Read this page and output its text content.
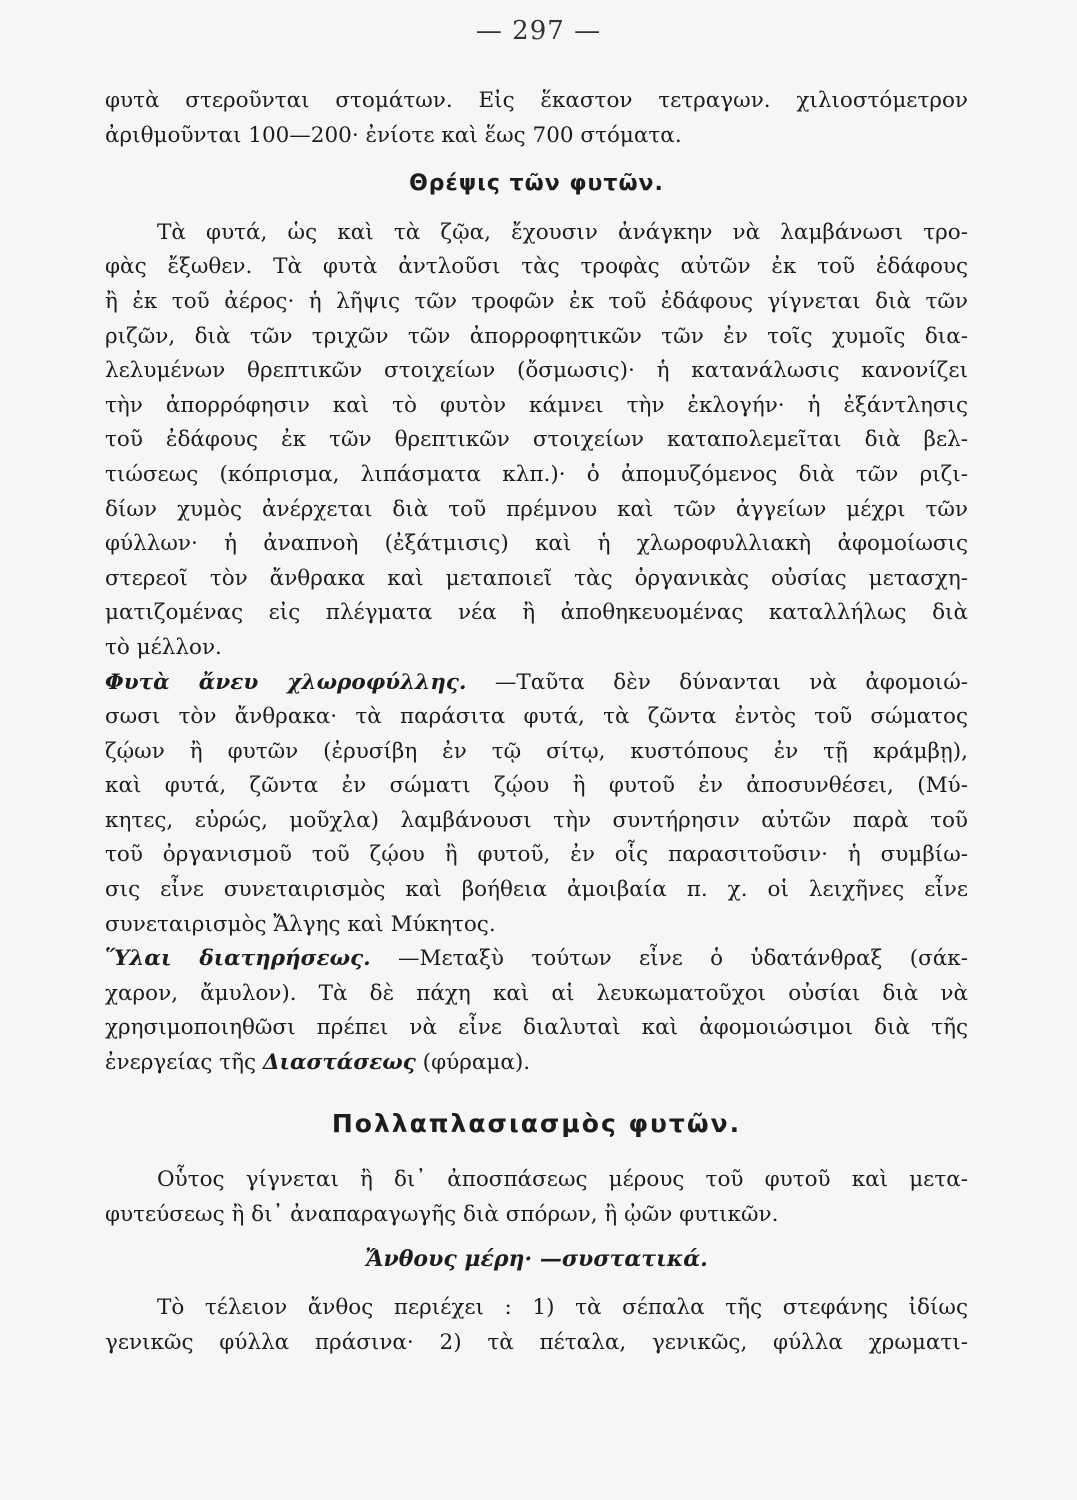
— 297 —

φυτὰ στεροῦνται στομάτων. Εἰς ἕκαστον τετραγων. χιλιοστόμετρον
ἀριθμοῦνται 100—200· ἐνίοτε καὶ ἕως 700 στόματα.

Θρέψις τῶν φυτῶν.

Τὰ φυτά, ὡς καὶ τὰ ζῷα, ἔχουσιν ἀνάγκην νὰ λαμβάνωσι τρο-
φὰς ἔξωθεν. Τὰ φυτὰ ἀντλοῦσι τὰς τροφὰς αὐτῶν ἐκ τοῦ ἐδάφους
ἢ ἐκ τοῦ ἀέρος· ἡ λῆψις τῶν τροφῶν ἐκ τοῦ ἐδάφους γίγνεται διὰ τῶν
ριζῶν, διὰ τῶν τριχῶν τῶν ἀπορροφητικῶν τῶν ἐν τοῖς χυμοῖς δια-
λελυμένων θρεπτικῶν στοιχείων (ὄσμωσις)· ἡ κατανάλωσις κανονίζει
τὴν ἀπορρόφησιν καὶ τὸ φυτὸν κάμνει τὴν ἐκλογήν· ἡ ἐξάντλησις
τοῦ ἐδάφους ἐκ τῶν θρεπτικῶν στοιχείων καταπολεμεῖται διὰ βελ-
τιώσεως (κόπρισμα, λιπάσματα κλπ.)· ὁ ἀπομυζόμενος διὰ τῶν ριζι-
δίων χυμὸς ἀνέρχεται διὰ τοῦ πρέμνου καὶ τῶν ἀγγείων μέχρι τῶν
φύλλων· ἡ ἀναπνοὴ (ἐξάτμισις) καὶ ἡ χλωροφυλλιακὴ ἀφομοίωσις
στερεοῖ τὸν ἄνθρακα καὶ μεταποιεῖ τὰς ὀργανικὰς οὐσίας μετασχη-
ματιζομένας εἰς πλέγματα νέα ἢ ἀποθηκευομένας καταλλήλως διὰ
τὸ μέλλον.

Φυτὰ ἄνευ χλωροφύλλης. —Ταῦτα δὲν δύνανται νὰ ἀφομοιώ-
σωσι τὸν ἄνθρακα· τὰ παράσιτα φυτά, τὰ ζῶντα ἐντὸς τοῦ σώματος
ζῴων ἢ φυτῶν (ἐρυσίβη ἐν τῷ σίτῳ, κυστόπους ἐν τῇ κράμβῃ),
καὶ φυτά, ζῶντα ἐν σώματι ζῴου ἢ φυτοῦ ἐν ἀποσυνθέσει, (Μύ-
κητες, εὐρώς, μοῦχλα) λαμβάνουσι τὴν συντήρησιν αὐτῶν παρὰ τοῦ
τοῦ ὀργανισμοῦ τοῦ ζῴου ἢ φυτοῦ, ἐν οἷς παρασιτοῦσιν· ἡ συμβίω-
σις εἶνε συνεταιρισμὸς καὶ βοήθεια ἀμοιβαία π. χ. οἱ λειχῆνες εἶνε
συνεταιρισμὸς Ἄλγης καὶ Μύκητος.

Ὕλαι διατηρήσεως. —Μεταξὺ τούτων εἶνε ὁ ὑδατάνθραξ (σάκ-
χαρον, ἄμυλον). Τὰ δὲ πάχη καὶ αἱ λευκωματοῦχοι οὐσίαι διὰ νὰ
χρησιμοποιηθῶσι πρέπει νὰ εἶνε διαλυταὶ καὶ ἀφομοιώσιμοι διὰ τῆς
ἐνεργείας τῆς Διαστάσεως (φύραμα).

Πολλαπλασιασμὸς φυτῶν.

Οὗτος γίγνεται ἢ δι᾿ ἀποσπάσεως μέρους τοῦ φυτοῦ καὶ μετα-
φυτεύσεως ἢ δι᾿ ἀναπαραγωγῆς διὰ σπόρων, ἢ ᾠῶν φυτικῶν.

Ἄνθους μέρη· —συστατικά.

Τὸ τέλειον ἄνθος περιέχει : 1) τὰ σέπαλα τῆς στεφάνης ἰδίως
γενικῶς φύλλα πράσινα· 2) τὰ πέταλα, γενικῶς, φύλλα χρωματι-
